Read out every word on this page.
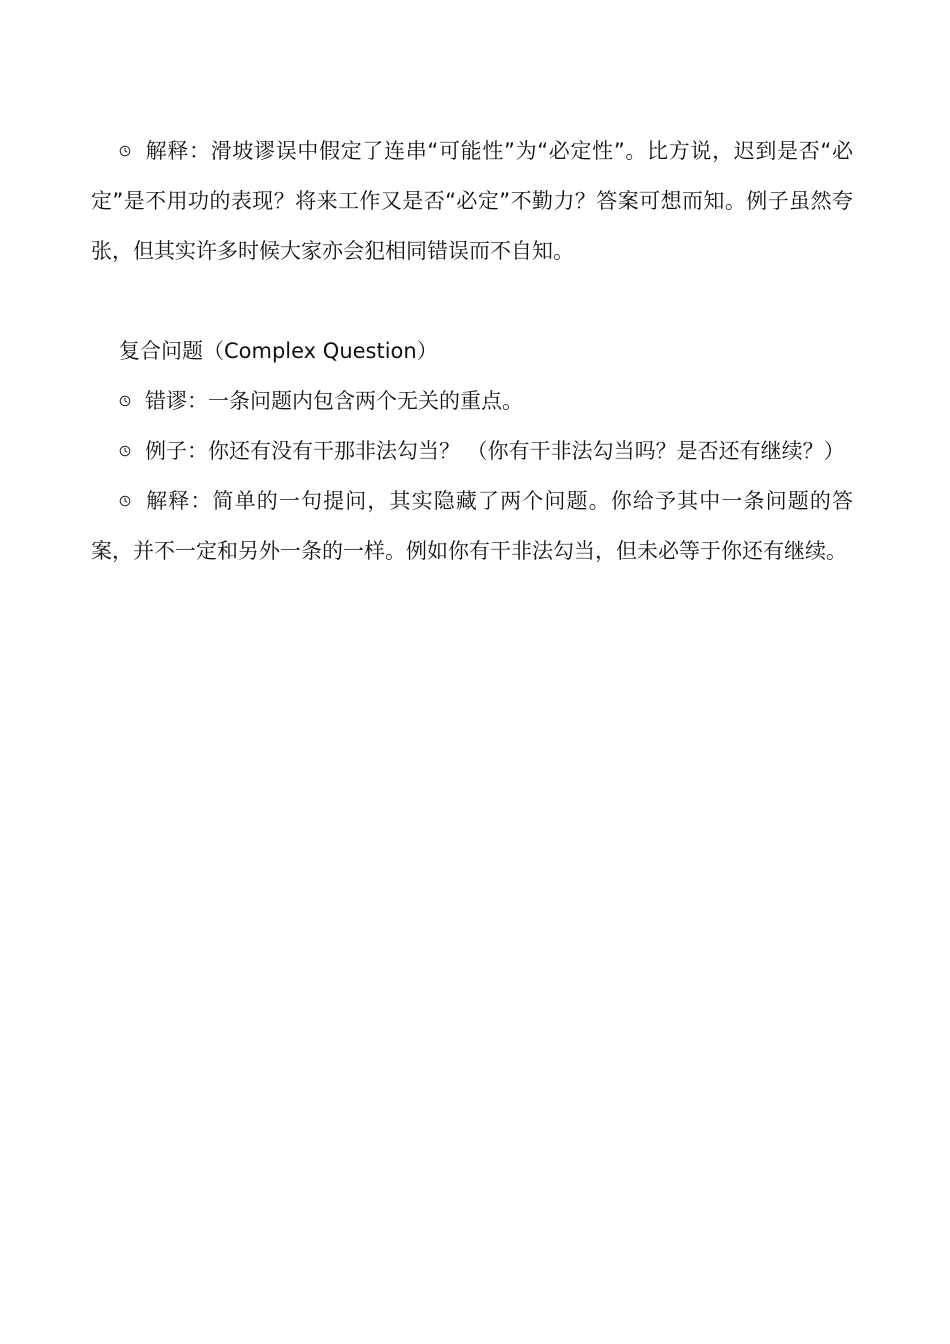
解释：滑坡谬误中假定了连串“可能性”为“必定性”。比方说，迟到是否“必定”是不用功的表现？将来工作又是否“必定”不勤力？答案可想而知。例子虽然夸张，但其实许多时候大家亦会犯相同错误而不自知。

复合问题（Complex Question）

错谬：一条问题内包含两个无关的重点。

例子：你还有没有干那非法勾当？ （你有干非法勾当吗？是否还有继续？）

解释：简单的一句提问，其实隐藏了两个问题。你给予其中一条问题的答案，并不一定和另外一条的一样。例如你有干非法勾当，但未必等于你还有继续。
